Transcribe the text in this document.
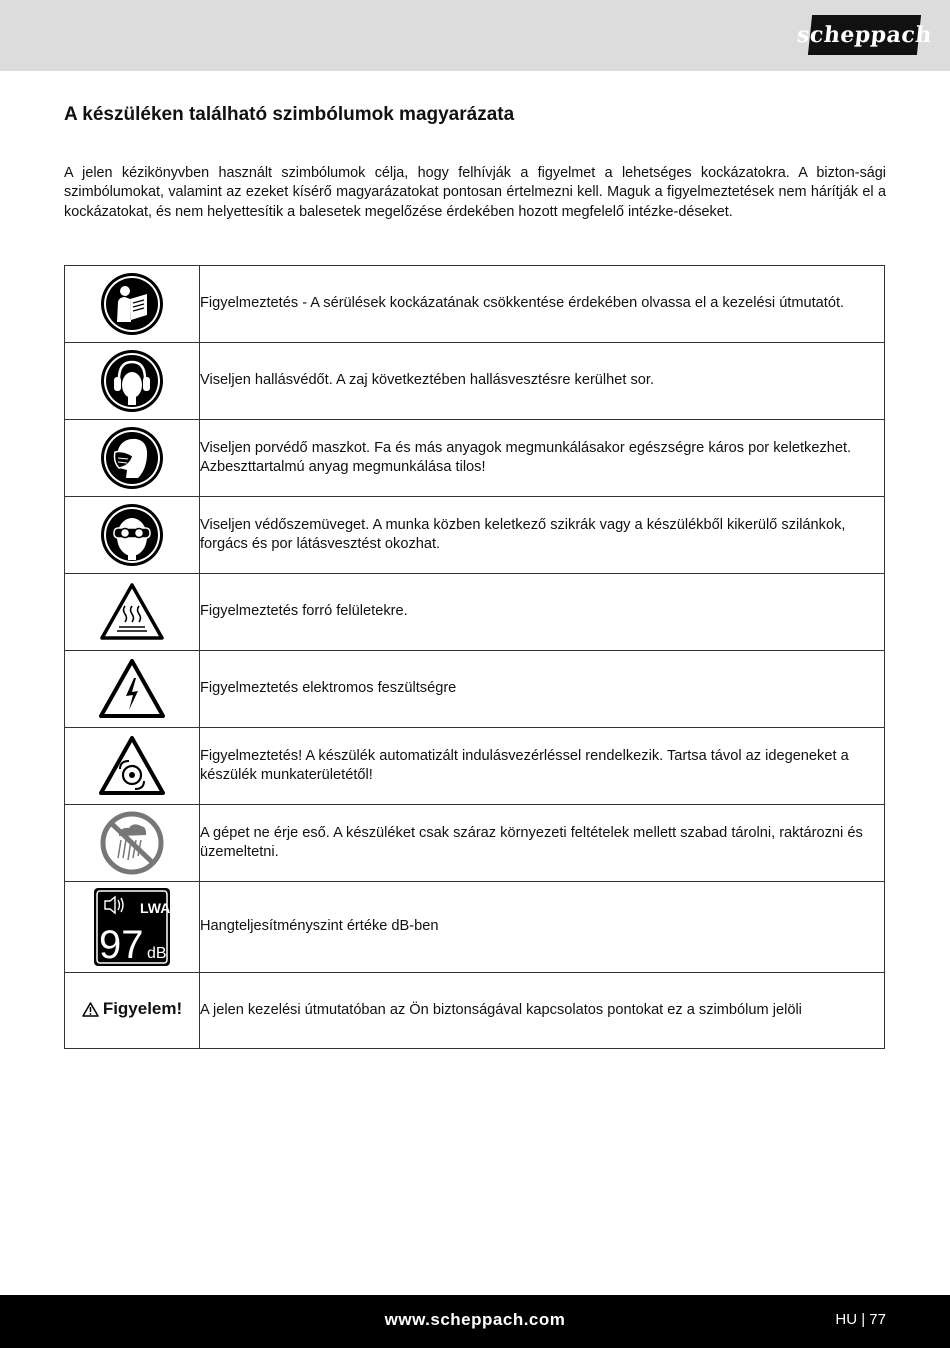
scheppach
A készüléken található szimbólumok magyarázata

A jelen kézikönyvben használt szimbólumok célja, hogy felhívják a figyelmet a lehetséges kockázatokra. A bizton-sági szimbólumokat, valamint az ezeket kísérő magyarázatokat pontosan értelmezni kell. Maguk a figyelmeztetések nem hárítják el a kockázatokat, és nem helyettesítik a balesetek megelőzése érdekében hozott megfelelő intézke-déseket.

	Figyelmeztetés - A sérülések kockázatának csökkentése érdekében olvassa el a kezelési útmutatót.

	Viseljen hallásvédőt. A zaj következtében hallásvesztésre kerülhet sor.

	Viseljen porvédő maszkot. Fa és más anyagok megmunkálásakor egészségre káros por keletkezhet. Azbeszttartalmú anyag megmunkálása tilos!

	Viseljen védőszemüveget. A munka közben keletkező szikrák vagy a készülékből kikerülő szilánkok, forgács és por látásvesztést okozhat.

	Figyelmeztetés forró felületekre.

	Figyelmeztetés elektromos feszültségre

	Figyelmeztetés! A készülék automatizált indulásvezérléssel rendelkezik. Tartsa távol az idegeneket a készülék munkaterületétől!

	A gépet ne érje eső. A készüléket csak száraz környezeti feltételek mellett szabad tárolni, raktározni és üzemeltetni.

LWA
97 dB	Hangteljesítményszint értéke dB-ben

Figyelem!	A jelen kezelési útmutatóban az Ön biztonságával kapcsolatos pontokat ez a szimbólum jelöli
www.scheppach.com	HU | 77
